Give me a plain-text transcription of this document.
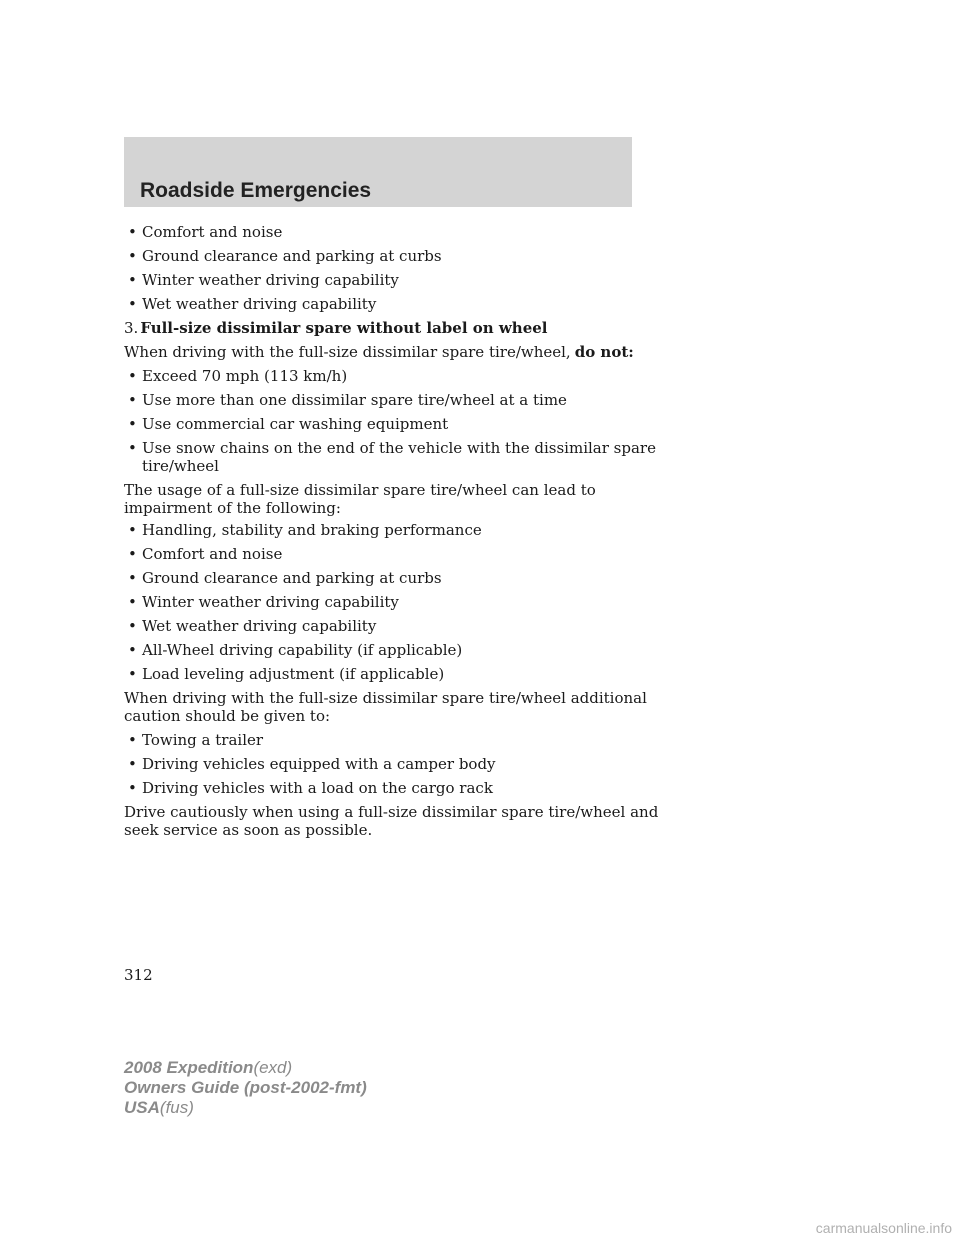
Roadside Emergencies
• Comfort and noise
• Ground clearance and parking at curbs
• Winter weather driving capability
• Wet weather driving capability
3. Full-size dissimilar spare without label on wheel
When driving with the full-size dissimilar spare tire/wheel, do not:
• Exceed 70 mph (113 km/h)
• Use more than one dissimilar spare tire/wheel at a time
• Use commercial car washing equipment
• Use snow chains on the end of the vehicle with the dissimilar spare
tire/wheel
The usage of a full-size dissimilar spare tire/wheel can lead to
impairment of the following:
• Handling, stability and braking performance
• Comfort and noise
• Ground clearance and parking at curbs
• Winter weather driving capability
• Wet weather driving capability
• All-Wheel driving capability (if applicable)
• Load leveling adjustment (if applicable)
When driving with the full-size dissimilar spare tire/wheel additional
caution should be given to:
• Towing a trailer
• Driving vehicles equipped with a camper body
• Driving vehicles with a load on the cargo rack
Drive cautiously when using a full-size dissimilar spare tire/wheel and
seek service as soon as possible.
312
2008 Expedition(exd)
Owners Guide (post-2002-fmt)
USA(fus)
carmanualsonline.info
